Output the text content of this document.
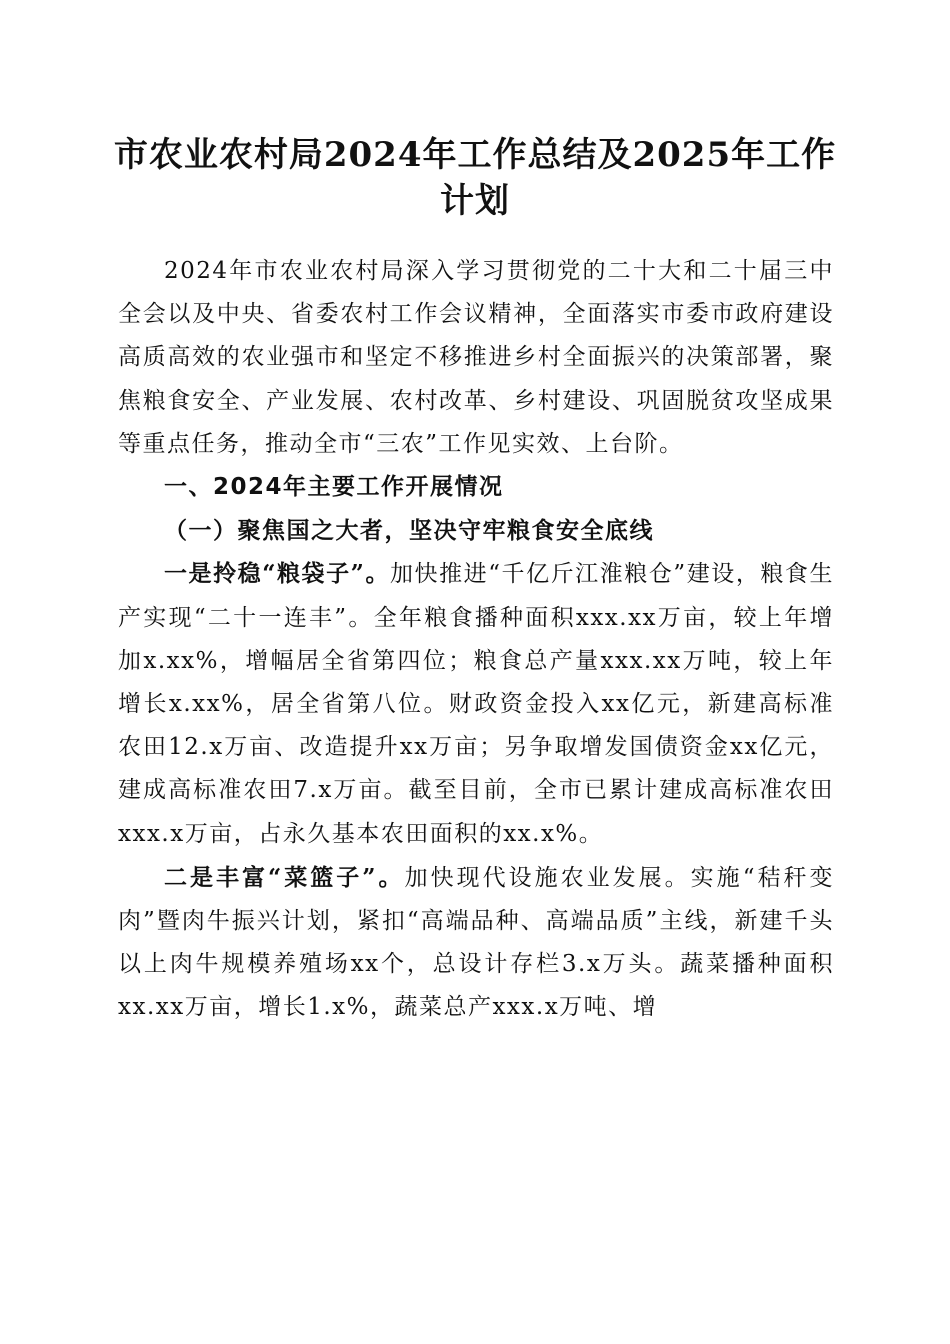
市农业农村局2024年工作总结及2025年工作计划

2024年市农业农村局深入学习贯彻党的二十大和二十届三中全会以及中央、省委农村工作会议精神，全面落实市委市政府建设高质高效的农业强市和坚定不移推进乡村全面振兴的决策部署，聚焦粮食安全、产业发展、农村改革、乡村建设、巩固脱贫攻坚成果等重点任务，推动全市“三农”工作见实效、上台阶。

一、2024年主要工作开展情况

（一）聚焦国之大者，坚决守牢粮食安全底线

一是拎稳“粮袋子”。加快推进“千亿斤江淮粮仓”建设，粮食生产实现“二十一连丰”。全年粮食播种面积xxx.xx万亩，较上年增加x.xx%，增幅居全省第四位；粮食总产量xxx.xx万吨，较上年增长x.xx%，居全省第八位。财政资金投入xx亿元，新建高标准农田12.x万亩、改造提升xx万亩；另争取增发国债资金xx亿元，建成高标准农田7.x万亩。截至目前，全市已累计建成高标准农田xxx.x万亩，占永久基本农田面积的xx.x%。

二是丰富“菜篮子”。加快现代设施农业发展。实施“秸秆变肉”暨肉牛振兴计划，紧扣“高端品种、高端品质”主线，新建千头以上肉牛规模养殖场xx个，总设计存栏3.x万头。蔬菜播种面积xx.xx万亩，增长1.x%，蔬菜总产xxx.x万吨、增
